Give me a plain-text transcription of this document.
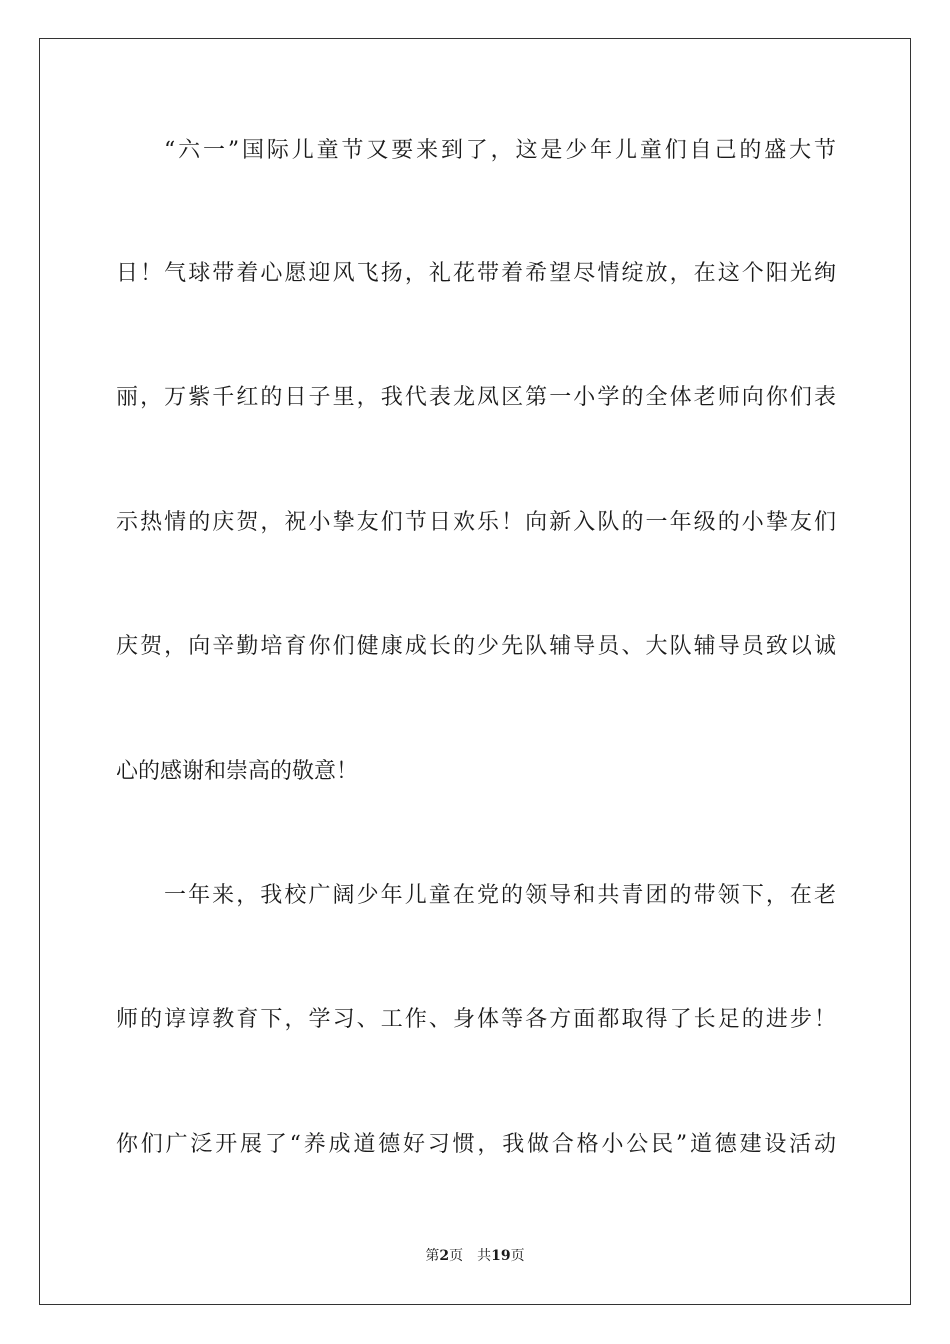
“六一”国际儿童节又要来到了，这是少年儿童们自己的盛大节
日！气球带着心愿迎风飞扬，礼花带着希望尽情绽放，在这个阳光绚
丽，万紫千红的日子里，我代表龙凤区第一小学的全体老师向你们表
示热情的庆贺，祝小挚友们节日欢乐！向新入队的一年级的小挚友们
庆贺，向辛勤培育你们健康成长的少先队辅导员、大队辅导员致以诚
心的感谢和崇高的敬意！
一年来，我校广阔少年儿童在党的领导和共青团的带领下，在老
师的谆谆教育下，学习、工作、身体等各方面都取得了长足的进步！
你们广泛开展了“养成道德好习惯，我做合格小公民”道德建设活动
第2页 共19页
